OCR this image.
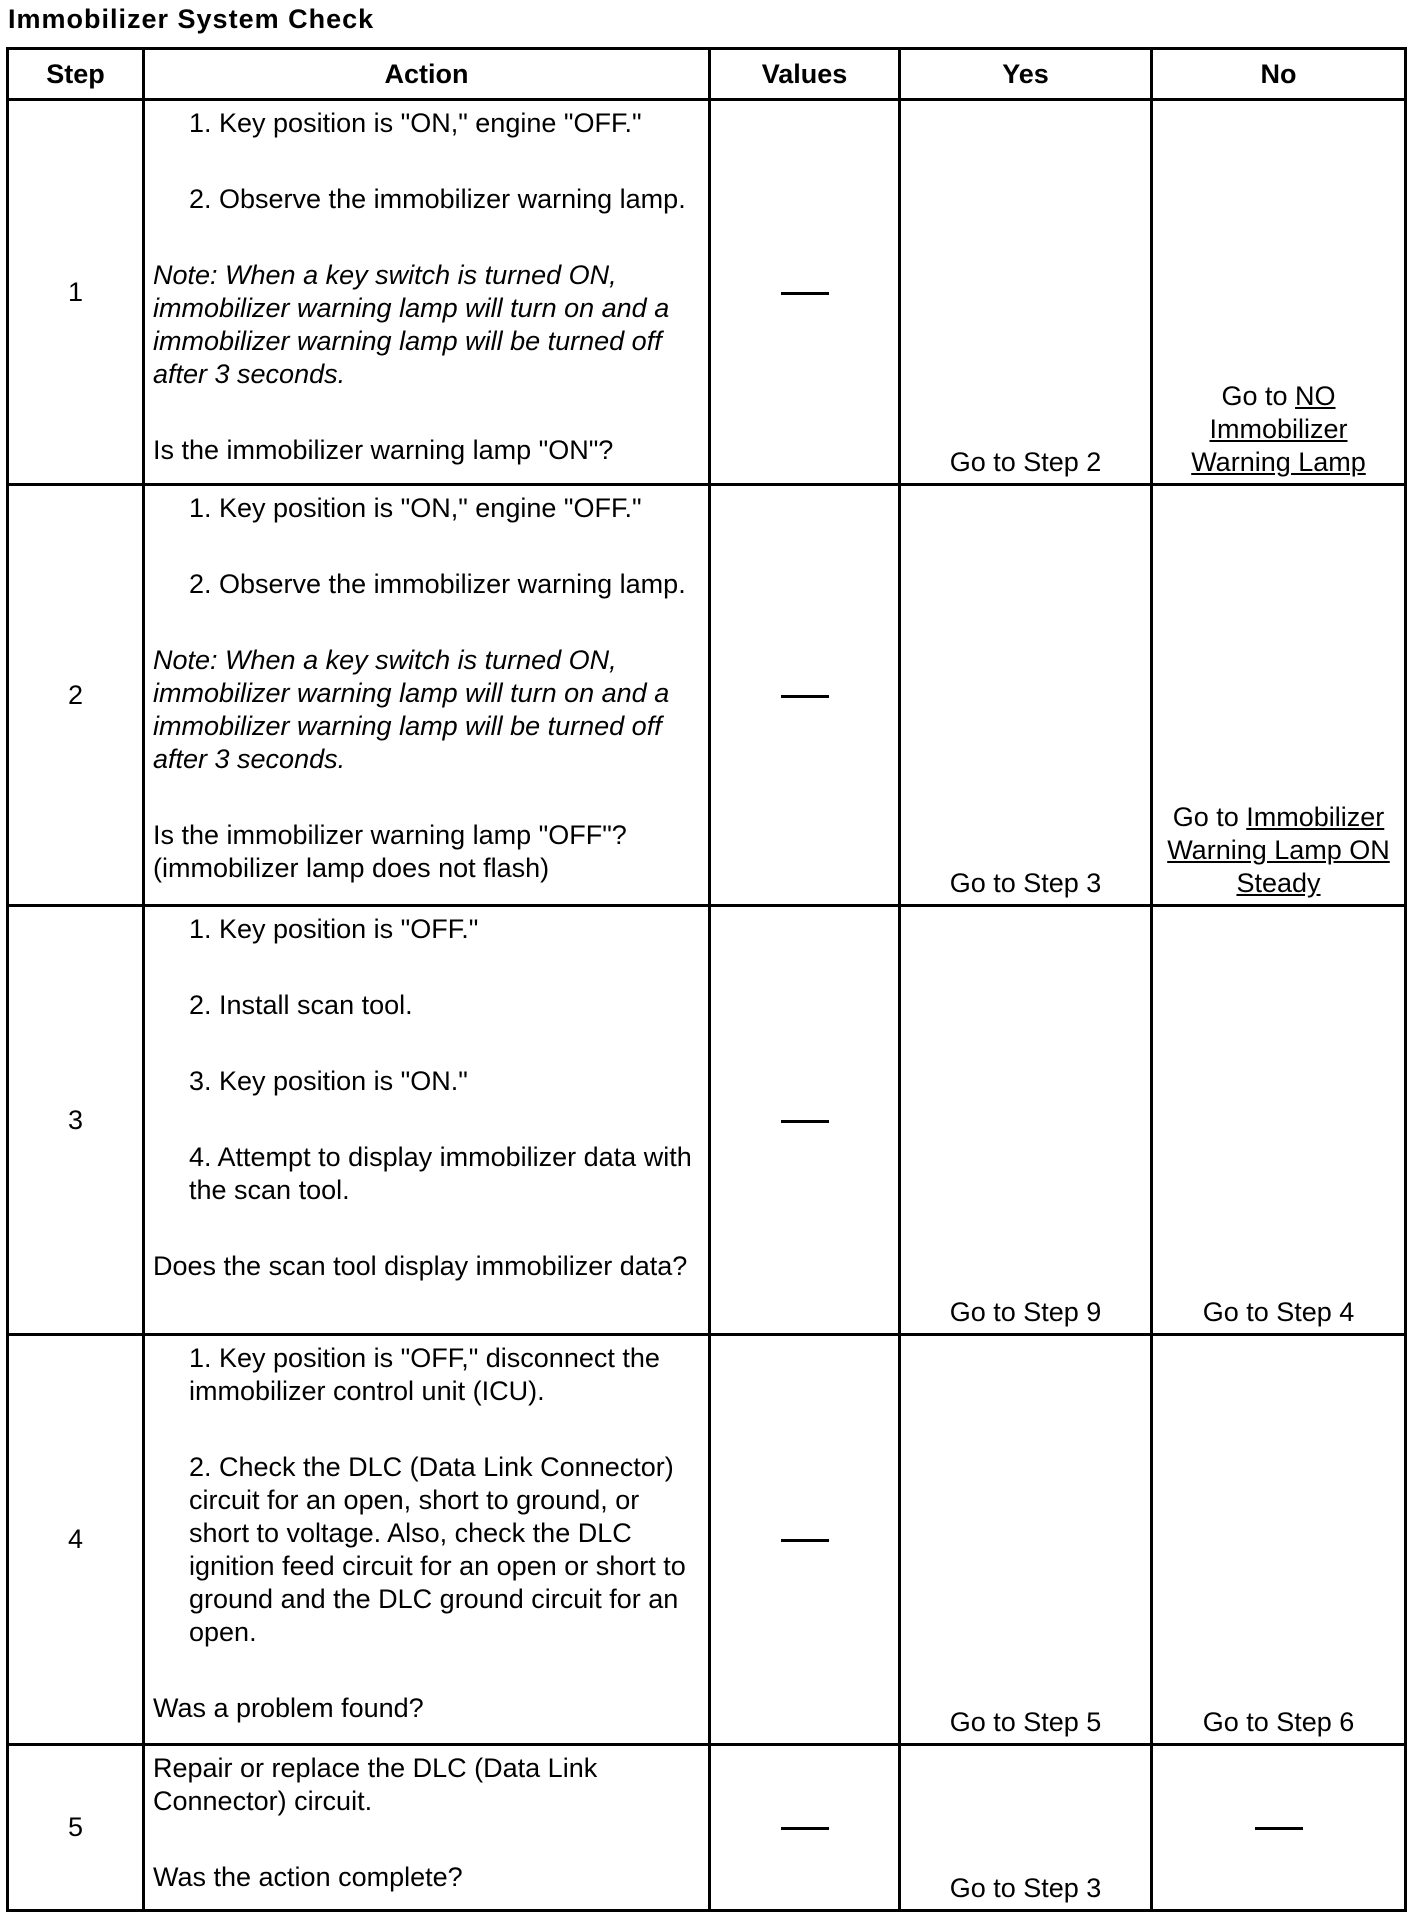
Immobilizer System Check
Step	Action	Values	Yes	No
1	1. Key position is "ON," engine "OFF."
2. Observe the immobilizer warning lamp.
Note: When a key switch is turned ON, immobilizer warning lamp will turn on and a immobilizer warning lamp will be turned off after 3 seconds.
Is the immobilizer warning lamp "ON"?		Go to Step 2	Go to NO Immobilizer Warning Lamp

2	1. Key position is "ON," engine "OFF."
2. Observe the immobilizer warning lamp.
Note: When a key switch is turned ON, immobilizer warning lamp will turn on and a immobilizer warning lamp will be turned off after 3 seconds.
Is the immobilizer warning lamp "OFF"? (immobilizer lamp does not flash)		Go to Step 3	Go to Immobilizer Warning Lamp ON Steady

3	1. Key position is "OFF."
2. Install scan tool.
3. Key position is "ON."
4. Attempt to display immobilizer data with the scan tool.
Does the scan tool display immobilizer data?		Go to Step 9	Go to Step 4
4	1. Key position is "OFF," disconnect the immobilizer control unit (ICU).
2. Check the DLC (Data Link Connector) circuit for an open, short to ground, or short to voltage. Also, check the DLC ignition feed circuit for an open or short to ground and the DLC ground circuit for an open.
Was a problem found?		Go to Step 5	Go to Step 6
5	Repair or replace the DLC (Data Link Connector) circuit.
Was the action complete?		Go to Step 3	
